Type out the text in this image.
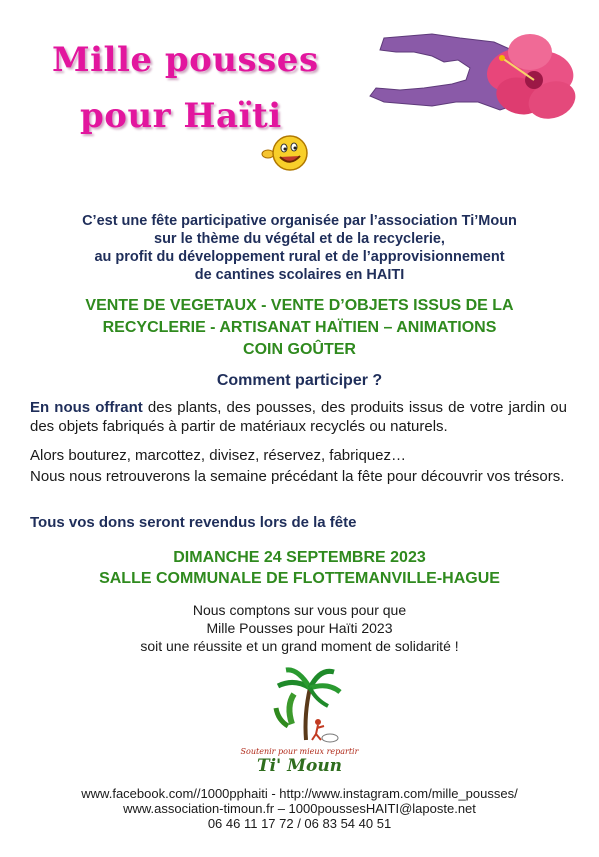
Mille pousses
pour Haïti
C’est une fête participative organisée par l’association Ti’Moun
sur le thème du végétal et de la recyclerie,
au profit du développement rural et de l’approvisionnement
de cantines scolaires en HAITI
VENTE DE VEGETAUX - VENTE D’OBJETS ISSUS DE LA
RECYCLERIE - ARTISANAT HAÏTIEN – ANIMATIONS
COIN GOÛTER
Comment participer ?
En nous offrant des plants, des pousses, des produits issus de votre jardin ou des objets fabriqués à partir de matériaux recyclés ou naturels.
Alors bouturez, marcottez, divisez, réservez, fabriquez…
Nous nous retrouverons la semaine précédant la fête pour découvrir vos trésors.
Tous vos dons seront revendus lors de la fête
DIMANCHE 24 SEPTEMBRE 2023
SALLE COMMUNALE DE FLOTTEMANVILLE-HAGUE
Nous comptons sur vous pour que
Mille Pousses pour Haïti 2023
soit une réussite et un grand moment de solidarité !
Soutenir pour mieux repartir
Ti' Moun
www.facebook.com//1000pphaiti - http://www.instagram.com/mille_pousses/
www.association-timoun.fr – 1000poussesHAITI@laposte.net
06 46 11 17 72 / 06 83 54 40 51
